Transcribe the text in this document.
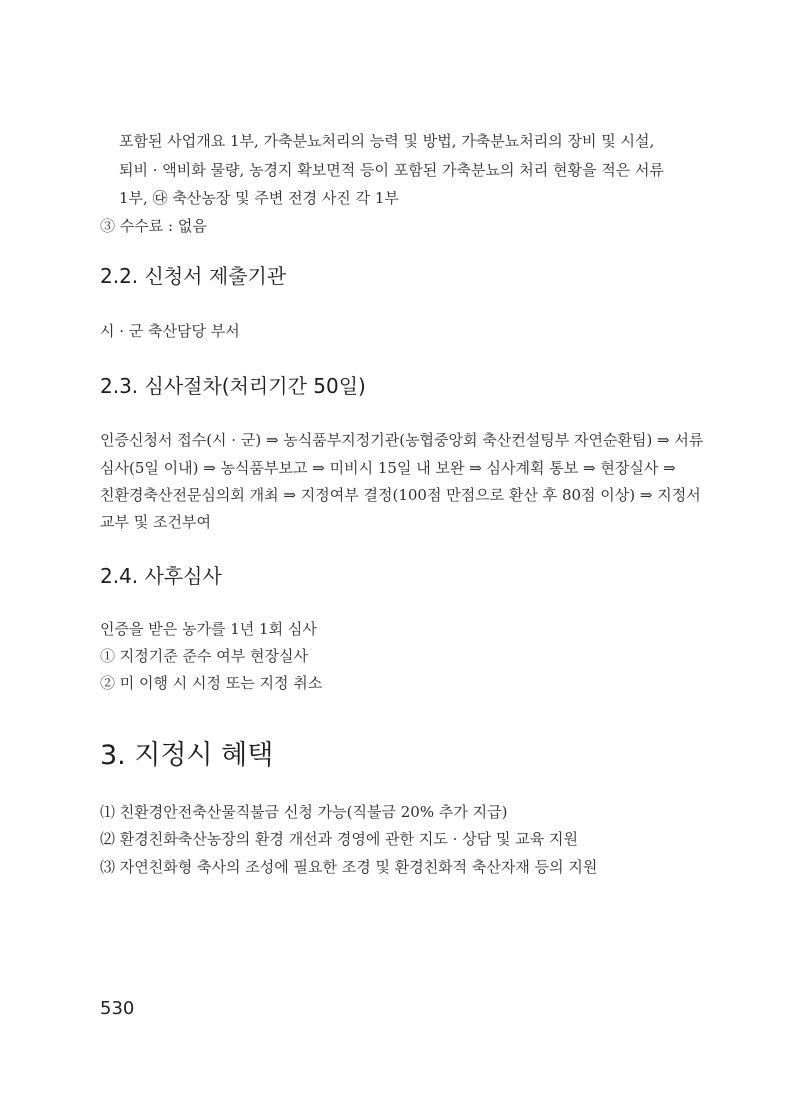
포함된 사업개요 1부, 가축분뇨처리의 능력 및 방법, 가축분뇨처리의 장비 및 시설,

퇴비 · 액비화 물량, 농경지 확보면적 등이 포함된 가축분뇨의 처리 현황을 적은 서류

1부, ㉰ 축산농장 및 주변 전경 사진 각 1부

③ 수수료 : 없음

2.2. 신청서 제출기관

시 · 군 축산담당 부서

2.3. 심사절차(처리기간 50일)

인증신청서 접수(시 · 군) ⇒ 농식품부지정기관(농협중앙회 축산컨설팅부 자연순환팀) ⇒ 서류

심사(5일 이내) ⇒ 농식품부보고 ⇒ 미비시 15일 내 보완 ⇒ 심사계획 통보 ⇒ 현장실사 ⇒

친환경축산전문심의회 개최 ⇒ 지정여부 결정(100점 만점으로 환산 후 80점 이상) ⇒ 지정서

교부 및 조건부여

2.4. 사후심사

인증을 받은 농가를 1년 1회 심사

① 지정기준 준수 여부 현장실사

② 미 이행 시 시정 또는 지정 취소

3. 지정시 혜택

⑴ 친환경안전축산물직불금 신청 가능(직불금 20% 추가 지급)

⑵ 환경친화축산농장의 환경 개선과 경영에 관한 지도 · 상담 및 교육 지원

⑶ 자연친화형 축사의 조성에 필요한 조경 및 환경친화적 축산자재 등의 지원

530
